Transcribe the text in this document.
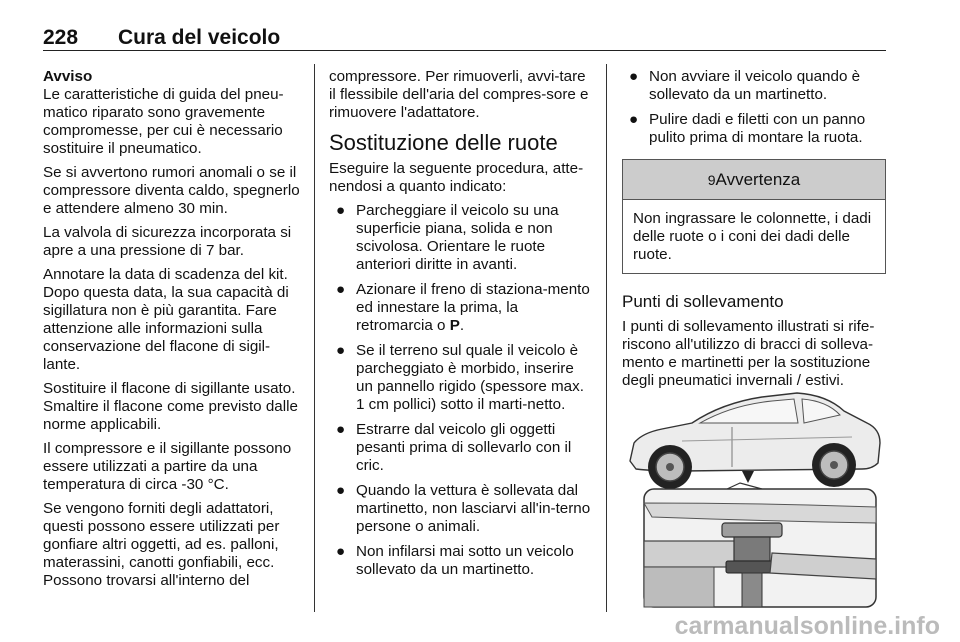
228 Cura del veicolo

Avviso
Le caratteristiche di guida del pneu-matico riparato sono gravemente compromesse, per cui è necessario sostituire il pneumatico.

Se si avvertono rumori anomali o se il compressore diventa caldo, spegnerlo e attendere almeno 30 min.

La valvola di sicurezza incorporata si apre a una pressione di 7 bar.

Annotare la data di scadenza del kit. Dopo questa data, la sua capacità di sigillatura non è più garantita. Fare attenzione alle informazioni sulla conservazione del flacone di sigil-lante.

Sostituire il flacone di sigillante usato. Smaltire il flacone come previsto dalle norme applicabili.

Il compressore e il sigillante possono essere utilizzati a partire da una temperatura di circa -30 °C.

Se vengono forniti degli adattatori, questi possono essere utilizzati per gonfiare altri oggetti, ad es. palloni, materassini, canotti gonfiabili, ecc. Possono trovarsi all'interno del

compressore. Per rimuoverli, avvi-tare il flessibile dell'aria del compres-sore e rimuovere l'adattatore.

Sostituzione delle ruote

Eseguire la seguente procedura, atte-nendosi a quanto indicato:

● Parcheggiare il veicolo su una superficie piana, solida e non scivolosa. Orientare le ruote anteriori diritte in avanti.
● Azionare il freno di staziona-mento ed innestare la prima, la retromarcia o P.
● Se il terreno sul quale il veicolo è parcheggiato è morbido, inserire un pannello rigido (spessore max. 1 cm pollici) sotto il marti-netto.
● Estrarre dal veicolo gli oggetti pesanti prima di sollevarlo con il cric.
● Quando la vettura è sollevata dal martinetto, non lasciarvi all'in-terno persone o animali.
● Non infilarsi mai sotto un veicolo sollevato da un martinetto.
● Non avviare il veicolo quando è sollevato da un martinetto.
● Pulire dadi e filetti con un panno pulito prima di montare la ruota.
9Avvertenza
Non ingrassare le colonnette, i dadi delle ruote o i coni dei dadi delle ruote.
Punti di sollevamento

I punti di sollevamento illustrati si rife-riscono all'utilizzo di bracci di solleva-mento e martinetti per la sostituzione degli pneumatici invernali / estivi.

carmanualsonline.info
